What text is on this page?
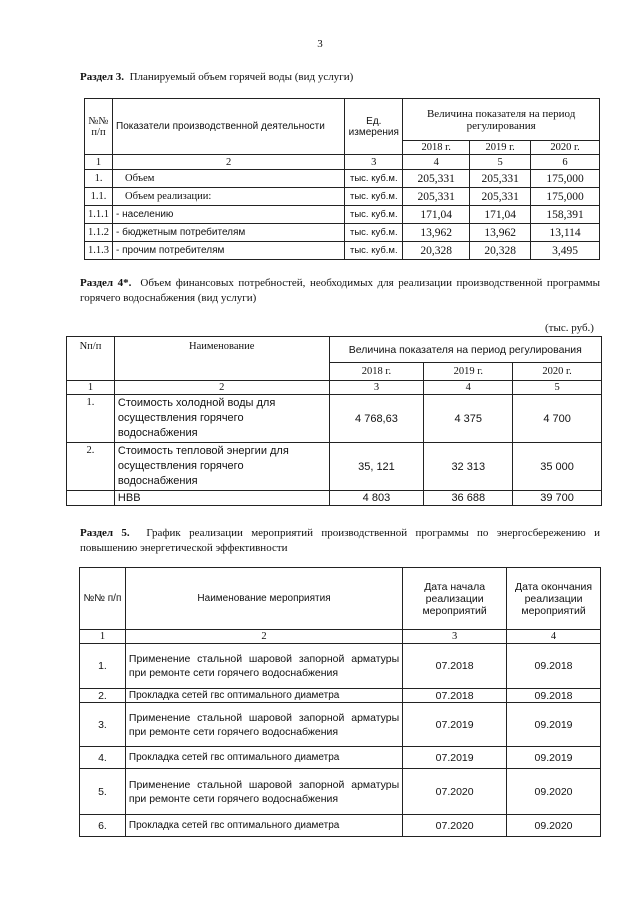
3
Раздел 3. Планируемый объем горячей воды (вид услуги)
№№ п/п	Показатели производственной деятельности	Ед. измерения	Величина показателя на период регулирования		
			2018 г.	2019 г.	2020 г.
1	2	3	4	5	6
1.	Объем	тыс. куб.м.	205,331	205,331	175,000
1.1.	Объем реализации:	тыс. куб.м.	205,331	205,331	175,000
1.1.1	- населению	тыс. куб.м.	171,04	171,04	158,391
1.1.2	- бюджетным потребителям	тыс. куб.м.	13,962	13,962	13,114
1.1.3	- прочим потребителям	тыс. куб.м.	20,328	20,328	3,495
Раздел 4*. Объем финансовых потребностей, необходимых для реализации производственной программы горячего водоснабжения (вид услуги)
(тыс. руб.)
Nп/п	Наименование	Величина показателя на период регулирования		
		2018 г.	2019 г.	2020 г.
1	2	3	4	5
1.	Стоимость холодной воды для осуществления горячего водоснабжения	4 768,63	4 375	4 700
2.	Стоимость тепловой энергии для осуществления горячего водоснабжения	35, 121	32 313	35 000
	НВВ	4 803	36 688	39 700
Раздел 5. График реализации мероприятий производственной программы по энергосбережению и повышению энергетической эффективности
№№ п/п	Наименование мероприятия	Дата начала реализации мероприятий	Дата окончания реализации мероприятий
1	2	3	4
1.	Применение стальной шаровой запорной арматуры при ремонте сети горячего водоснабжения	07.2018	09.2018
2.	Прокладка сетей гвс оптимального диаметра	07.2018	09.2018
3.	Применение стальной шаровой запорной арматуры при ремонте сети горячего водоснабжения	07.2019	09.2019
4.	Прокладка сетей гвс оптимального диаметра	07.2019	09.2019
5.	Применение стальной шаровой запорной арматуры при ремонте сети горячего водоснабжения	07.2020	09.2020
6.	Прокладка сетей гвс оптимального диаметра	07.2020	09.2020
